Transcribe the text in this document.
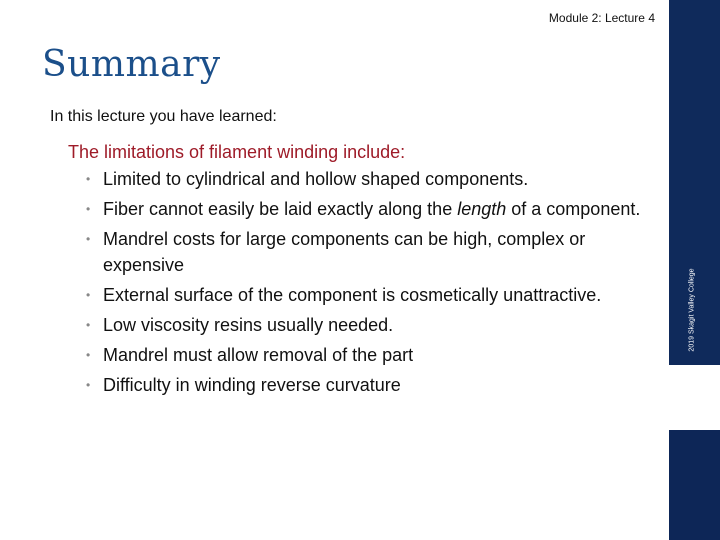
Module 2: Lecture 4
Summary
In this lecture you have learned:
The limitations of filament winding include:
• Limited to cylindrical and hollow shaped components.
• Fiber cannot easily be laid exactly along the length of a component.
• Mandrel costs for large components can be high, complex or expensive
• External surface of the component is cosmetically unattractive.
• Low viscosity resins usually needed.
• Mandrel must allow removal of the part
• Difficulty in winding reverse curvature
2019 Skagit Valley College
